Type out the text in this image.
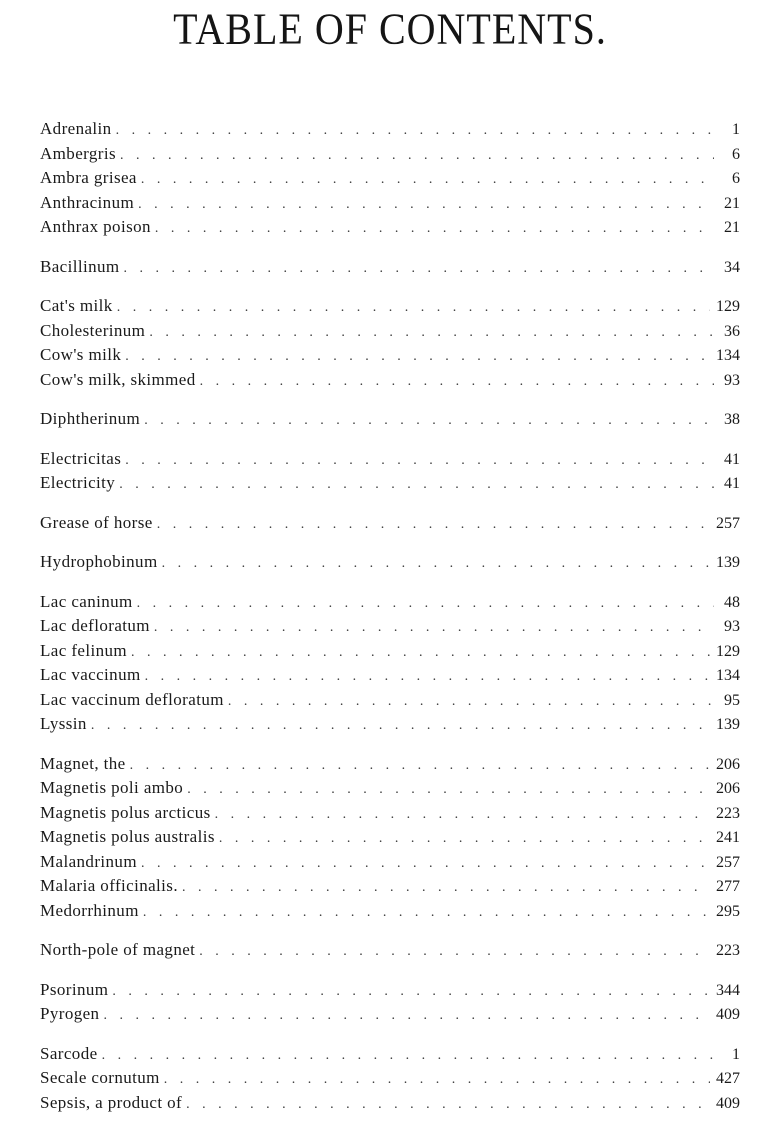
TABLE OF CONTENTS.
Adrenalin . . .	1
Ambergris . . .	6
Ambra grisea . . .	6
Anthracinum . . .	21
Anthrax poison . . .	21
Bacillinum . . .	34
Cat's milk . . .	129
Cholesterinum . . .	36
Cow's milk . . .	134
Cow's milk, skimmed . . .	93
Diphtherinum . . .	38
Electricitas . . .	41
Electricity . . .	41
Grease of horse . . .	257
Hydrophobinum . . .	139
Lac caninum . . .	48
Lac defloratum . . .	93
Lac felinum . . .	129
Lac vaccinum . . .	134
Lac vaccinum defloratum . . .	95
Lyssin . . .	139
Magnet, the . . .	206
Magnetis poli ambo . . .	206
Magnetis polus arcticus . . .	223
Magnetis polus australis . . .	241
Malandrinum . . .	257
Malaria officinalis. . . .	277
Medorrhinum . . .	295
North-pole of magnet . . .	223
Psorinum . . .	344
Pyrogen . . .	409
Sarcode . . .	1
Secale cornutum . . .	427
Sepsis, a product of . . .	409
